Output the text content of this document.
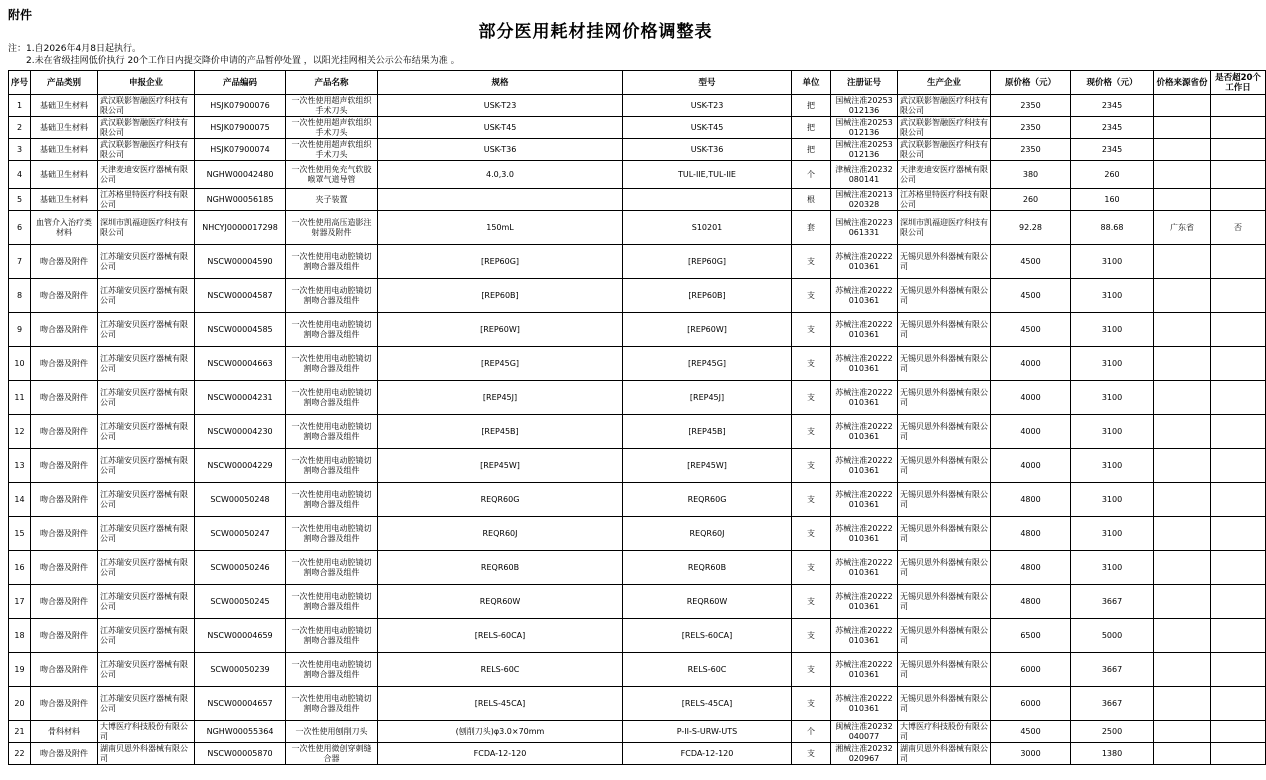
附件
部分医用耗材挂网价格调整表
注：1.自2026年4月8日起执行。
2.未在省级挂网低价执行 20个工作日内提交降价申请的产品暂停处置 ，以阳光挂网相关公示公布结果为准 。
序号	产品类别	申报企业	产品编码	产品名称	规格	型号	单位	注册证号	生产企业	原价格（元）	现价格（元）	价格来源省份	是否超20个工作日
1	基础卫生材料	武汉联影智融医疗科技有限公司	HSJK07900076	一次性使用超声软组织手术刀头	USK-T23	USK-T23	把	国械注准20253012136	武汉联影智融医疗科技有限公司	2350	2345		
2	基础卫生材料	武汉联影智融医疗科技有限公司	HSJK07900075	一次性使用超声软组织手术刀头	USK-T45	USK-T45	把	国械注准20253012136	武汉联影智融医疗科技有限公司	2350	2345		
3	基础卫生材料	武汉联影智融医疗科技有限公司	HSJK07900074	一次性使用超声软组织手术刀头	USK-T36	USK-T36	把	国械注准20253012136	武汉联影智融医疗科技有限公司	2350	2345		
4	基础卫生材料	天津麦迪安医疗器械有限公司	NGHW00042480	一次性使用免充气软胶喉罩气道导管	4.0,3.0	TUL-IIE,TUL-IIE	个	津械注准20232080141	天津麦迪安医疗器械有限公司	380	260		
5	基础卫生材料	江苏格里特医疗科技有限公司	NGHW00056185	夹子装置			根	国械注准20213020328	江苏格里特医疗科技有限公司	260	160		
6	血管介入治疗类材料	深圳市凯福迎医疗科技有限公司	NHCYJ0000017298	一次性使用高压造影注射器及附件	150mL	S10201	套	国械注准20223061331	深圳市凯福迎医疗科技有限公司	92.28	88.68	广东省	否
7	吻合器及附件	江苏瑞安贝医疗器械有限公司	NSCW00004590	一次性使用电动腔镜切割吻合器及组件	[REP60G]	[REP60G]	支	苏械注准20222010361	无锡贝恩外科器械有限公司	4500	3100		
8	吻合器及附件	江苏瑞安贝医疗器械有限公司	NSCW00004587	一次性使用电动腔镜切割吻合器及组件	[REP60B]	[REP60B]	支	苏械注准20222010361	无锡贝恩外科器械有限公司	4500	3100		
9	吻合器及附件	江苏瑞安贝医疗器械有限公司	NSCW00004585	一次性使用电动腔镜切割吻合器及组件	[REP60W]	[REP60W]	支	苏械注准20222010361	无锡贝恩外科器械有限公司	4500	3100		
10	吻合器及附件	江苏瑞安贝医疗器械有限公司	NSCW00004663	一次性使用电动腔镜切割吻合器及组件	[REP45G]	[REP45G]	支	苏械注准20222010361	无锡贝恩外科器械有限公司	4000	3100		
11	吻合器及附件	江苏瑞安贝医疗器械有限公司	NSCW00004231	一次性使用电动腔镜切割吻合器及组件	[REP45J]	[REP45J]	支	苏械注准20222010361	无锡贝恩外科器械有限公司	4000	3100		
12	吻合器及附件	江苏瑞安贝医疗器械有限公司	NSCW00004230	一次性使用电动腔镜切割吻合器及组件	[REP45B]	[REP45B]	支	苏械注准20222010361	无锡贝恩外科器械有限公司	4000	3100		
13	吻合器及附件	江苏瑞安贝医疗器械有限公司	NSCW00004229	一次性使用电动腔镜切割吻合器及组件	[REP45W]	[REP45W]	支	苏械注准20222010361	无锡贝恩外科器械有限公司	4000	3100		
14	吻合器及附件	江苏瑞安贝医疗器械有限公司	SCW00050248	一次性使用电动腔镜切割吻合器及组件	REQR60G	REQR60G	支	苏械注准20222010361	无锡贝恩外科器械有限公司	4800	3100		
15	吻合器及附件	江苏瑞安贝医疗器械有限公司	SCW00050247	一次性使用电动腔镜切割吻合器及组件	REQR60J	REQR60J	支	苏械注准20222010361	无锡贝恩外科器械有限公司	4800	3100		
16	吻合器及附件	江苏瑞安贝医疗器械有限公司	SCW00050246	一次性使用电动腔镜切割吻合器及组件	REQR60B	REQR60B	支	苏械注准20222010361	无锡贝恩外科器械有限公司	4800	3100		
17	吻合器及附件	江苏瑞安贝医疗器械有限公司	SCW00050245	一次性使用电动腔镜切割吻合器及组件	REQR60W	REQR60W	支	苏械注准20222010361	无锡贝恩外科器械有限公司	4800	3667		
18	吻合器及附件	江苏瑞安贝医疗器械有限公司	NSCW00004659	一次性使用电动腔镜切割吻合器及组件	[RELS-60CA]	[RELS-60CA]	支	苏械注准20222010361	无锡贝恩外科器械有限公司	6500	5000		
19	吻合器及附件	江苏瑞安贝医疗器械有限公司	SCW00050239	一次性使用电动腔镜切割吻合器及组件	RELS-60C	RELS-60C	支	苏械注准20222010361	无锡贝恩外科器械有限公司	6000	3667		
20	吻合器及附件	江苏瑞安贝医疗器械有限公司	NSCW00004657	一次性使用电动腔镜切割吻合器及组件	[RELS-45CA]	[RELS-45CA]	支	苏械注准20222010361	无锡贝恩外科器械有限公司	6000	3667		
21	骨科材料	大博医疗科技股份有限公司	NGHW00055364	一次性使用刨削刀头	(刨削刀头)φ3.0×70mm	P-II-S-URW-UTS	个	闽械注准20232040077	大博医疗科技股份有限公司	4500	2500		
22	吻合器及附件	湖南贝恩外科器械有限公司	NSCW00005870	一次性使用微创穿刺缝合器	FCDA-12-120	FCDA-12-120	支	湘械注准20232020967	湖南贝恩外科器械有限公司	3000	1380		
